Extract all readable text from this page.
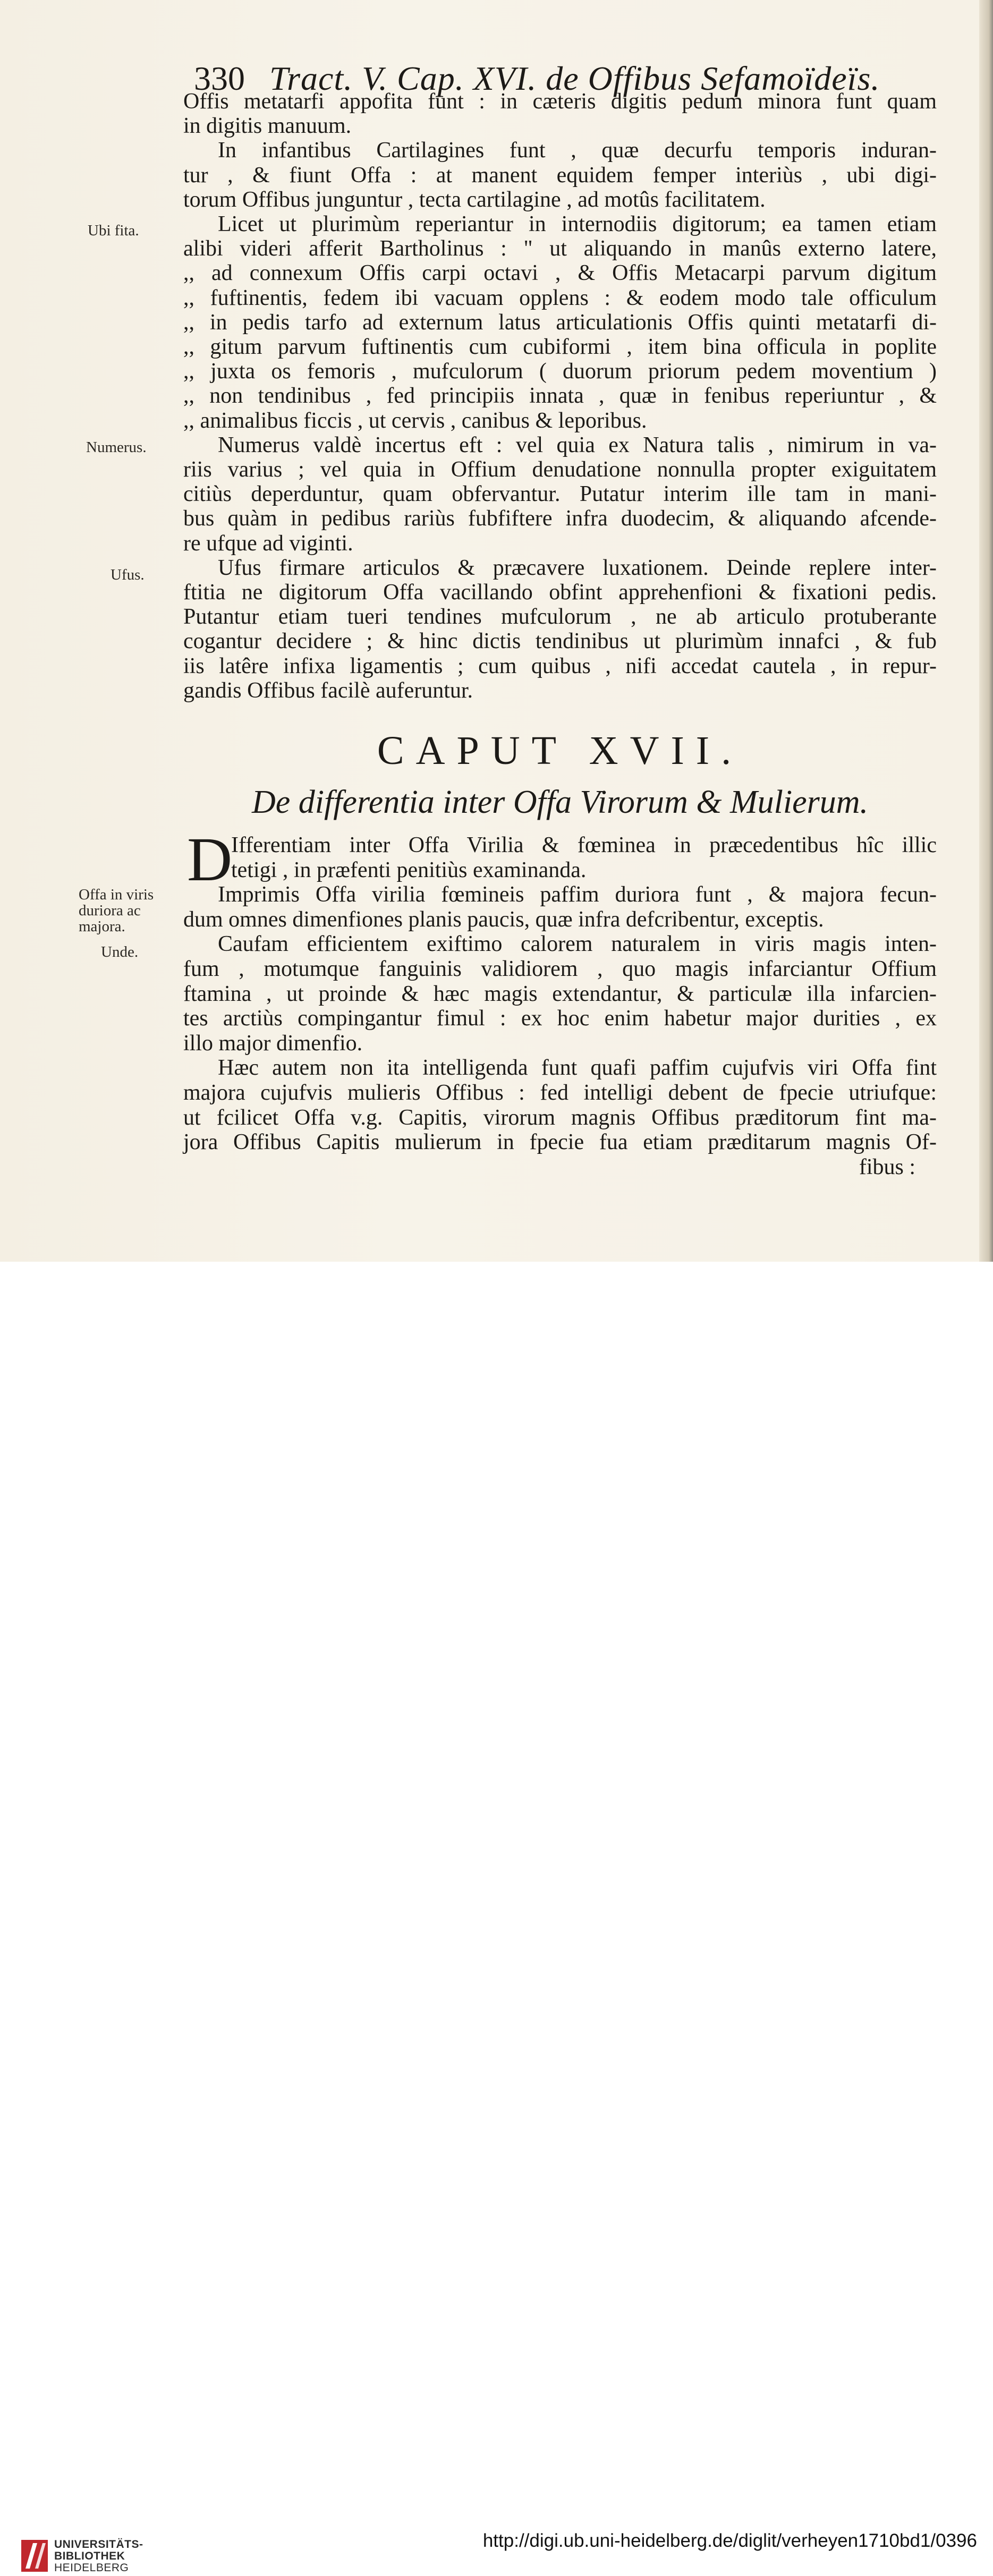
330 Tract. V. Cap. XVI. de Offibus Sefamoïdeïs.
Ubi fita.
Numerus.
Ufus.
Offa in viris
duriora ac
majora.
Unde.

Offis metatarfi appofita funt : in cæteris digitis pedum minora funt quam
in digitis manuum.

In infantibus Cartilagines funt , quæ decurfu temporis induran-
tur , & fiunt Offa : at manent equidem femper interiùs , ubi digi-
torum Offibus junguntur , tecta cartilagine , ad motûs facilitatem.

Licet ut plurimùm reperiantur in internodiis digitorum; ea tamen etiam
alibi videri afferit Bartholinus : " ut aliquando in manûs externo latere,
,, ad connexum Offis carpi octavi , & Offis Metacarpi parvum digitum
,, fuftinentis, fedem ibi vacuam opplens : & eodem modo tale officulum
,, in pedis tarfo ad externum latus articulationis Offis quinti metatarfi di-
,, gitum parvum fuftinentis cum cubiformi , item bina officula in poplite
,, juxta os femoris , mufculorum ( duorum priorum pedem moventium )
,, non tendinibus , fed principiis innata , quæ in fenibus reperiuntur , &
,, animalibus ficcis , ut cervis , canibus & leporibus.

Numerus valdè incertus eft : vel quia ex Natura talis , nimirum in va-
riis varius ; vel quia in Offium denudatione nonnulla propter exiguitatem
citiùs deperduntur, quam obfervantur. Putatur interim ille tam in mani-
bus quàm in pedibus rariùs fubfiftere infra duodecim, & aliquando afcende-
re ufque ad viginti.

Ufus firmare articulos & præcavere luxationem. Deinde replere inter-
ftitia ne digitorum Offa vacillando obfint apprehenfioni & fixationi pedis.
Putantur etiam tueri tendines mufculorum , ne ab articulo protuberante
cogantur decidere ; & hinc dictis tendinibus ut plurimùm innafci , & fub
iis latêre infixa ligamentis ; cum quibus , nifi accedat cautela , in repur-
gandis Offibus facilè auferuntur.

CAPUT XVII.
De differentia inter Offa Virorum & Mulierum.
D

Ifferentiam inter Offa Virilia & fœminea in præcedentibus hîc illic
tetigi , in præfenti penitiùs examinanda.

Imprimis Offa virilia fœmineis paffim duriora funt , & majora fecun-
dum omnes dimenfiones planis paucis, quæ infra defcribentur, exceptis.

Caufam efficientem exiftimo calorem naturalem in viris magis inten-
fum , motumque fanguinis validiorem , quo magis infarciantur Offium
ftamina , ut proinde & hæc magis extendantur, & particulæ illa infarcien-
tes arctiùs compingantur fimul : ex hoc enim habetur major durities , ex
illo major dimenfio.

Hæc autem non ita intelligenda funt quafi paffim cujufvis viri Offa fint
majora cujufvis mulieris Offibus : fed intelligi debent de fpecie utriufque:
ut fcilicet Offa v.g. Capitis, virorum magnis Offibus præditorum fint ma-
jora Offibus Capitis mulierum in fpecie fua etiam præditarum magnis Of-
fibus :

UNIVERSITÄTS-
BIBLIOTHEK
HEIDELBERG
http://digi.ub.uni-heidelberg.de/diglit/verheyen1710bd1/0396
